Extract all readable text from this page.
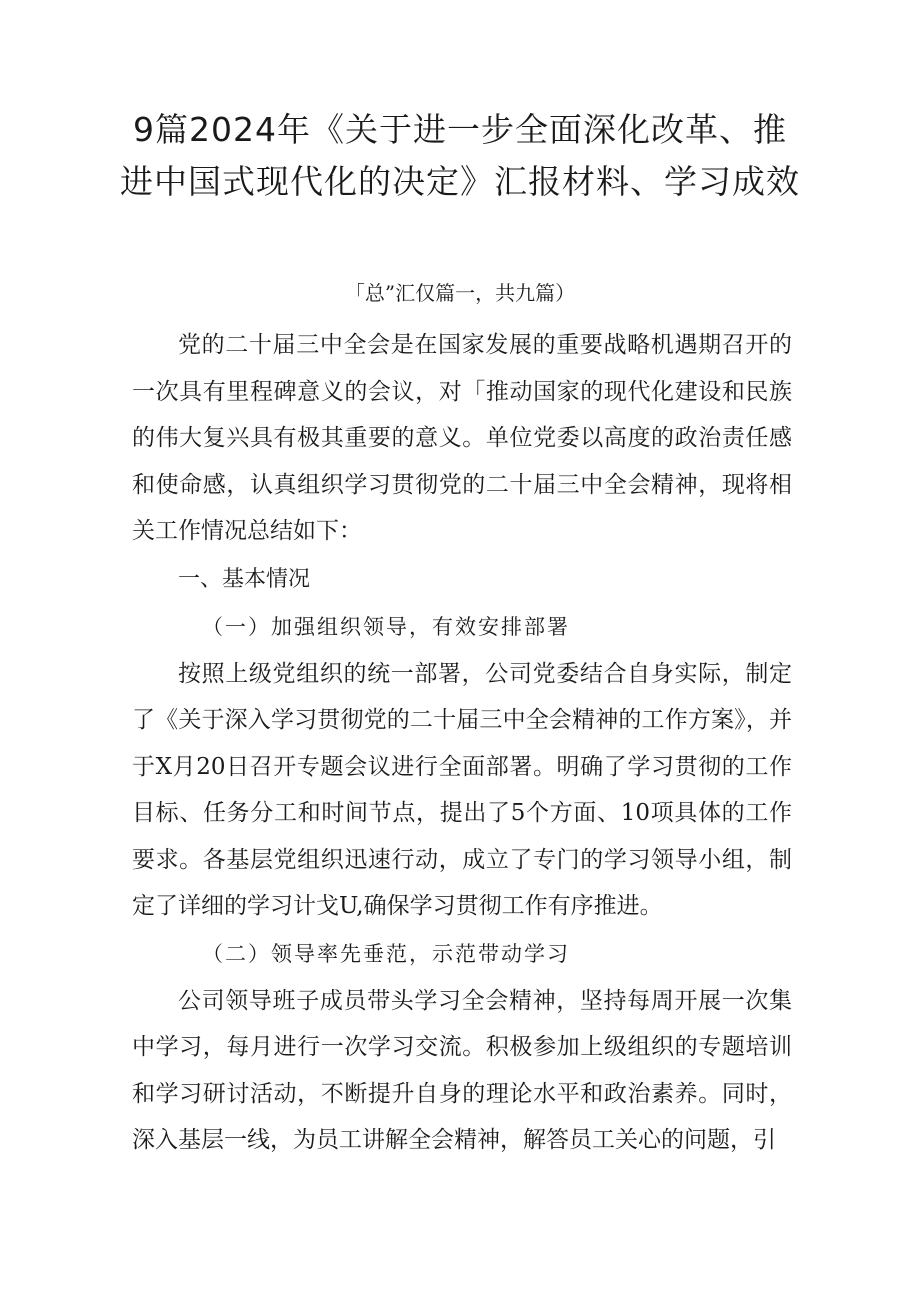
9篇2024年《关于进一步全面深化改革、推进中国式现代化的决定》汇报材料、学习成效
「总”汇仅篇一，共九篇）

党的二十届三中全会是在国家发展的重要战略机遇期召开的一次具有里程碑意义的会议，对「推动国家的现代化建设和民族的伟大复兴具有极其重要的意义。单位党委以高度的政治责任感和使命感，认真组织学习贯彻党的二十届三中全会精神，现将相关工作情况总结如下：

一、基本情况
（一）加强组织领导，有效安排部署

按照上级党组织的统一部署，公司党委结合自身实际，制定了《关于深入学习贯彻党的二十届三中全会精神的工作方案》，并于X月20日召开专题会议进行全面部署。明确了学习贯彻的工作目标、任务分工和时间节点，提出了5个方面、10项具体的工作要求。各基层党组织迅速行动，成立了专门的学习领导小组，制定了详细的学习计戈U,确保学习贯彻工作有序推进。

（二）领导率先垂范，示范带动学习

公司领导班子成员带头学习全会精神，坚持每周开展一次集中学习，每月进行一次学习交流。积极参加上级组织的专题培训和学习研讨活动，不断提升自身的理论水平和政治素养。同时，深入基层一线，为员工讲解全会精神，解答员工关心的问题，引
